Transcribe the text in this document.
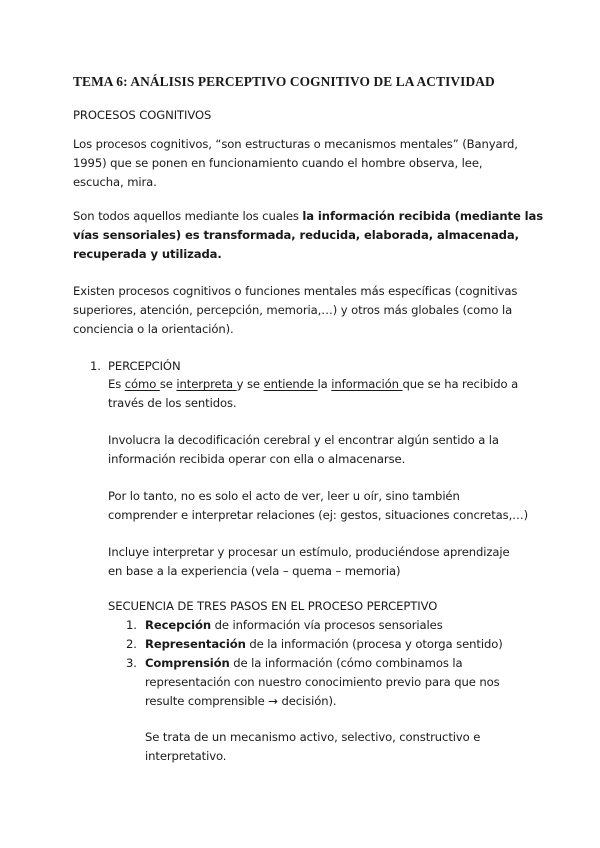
TEMA 6: ANÁLISIS PERCEPTIVO COGNITIVO DE LA ACTIVIDAD
PROCESOS COGNITIVOS
Los procesos cognitivos, “son estructuras o mecanismos mentales” (Banyard,
1995) que se ponen en funcionamiento cuando el hombre observa, lee,
escucha, mira.
Son todos aquellos mediante los cuales la información recibida (mediante las
vías sensoriales) es transformada, reducida, elaborada, almacenada,
recuperada y utilizada.
Existen procesos cognitivos o funciones mentales más específicas (cognitivas
superiores, atención, percepción, memoria,…) y otros más globales (como la
conciencia o la orientación).
1. PERCEPCIÓN
Es cómo se interpreta y se entiende la información que se ha recibido a
través de los sentidos.
Involucra la decodificación cerebral y el encontrar algún sentido a la
información recibida operar con ella o almacenarse.
Por lo tanto, no es solo el acto de ver, leer u oír, sino también
comprender e interpretar relaciones (ej: gestos, situaciones concretas,…)
Incluye interpretar y procesar un estímulo, produciéndose aprendizaje
en base a la experiencia (vela – quema – memoria)
SECUENCIA DE TRES PASOS EN EL PROCESO PERCEPTIVO
1. Recepción de información vía procesos sensoriales
2. Representación de la información (procesa y otorga sentido)
3. Comprensión de la información (cómo combinamos la
representación con nuestro conocimiento previo para que nos
resulte comprensible → decisión).
Se trata de un mecanismo activo, selectivo, constructivo e
interpretativo.
